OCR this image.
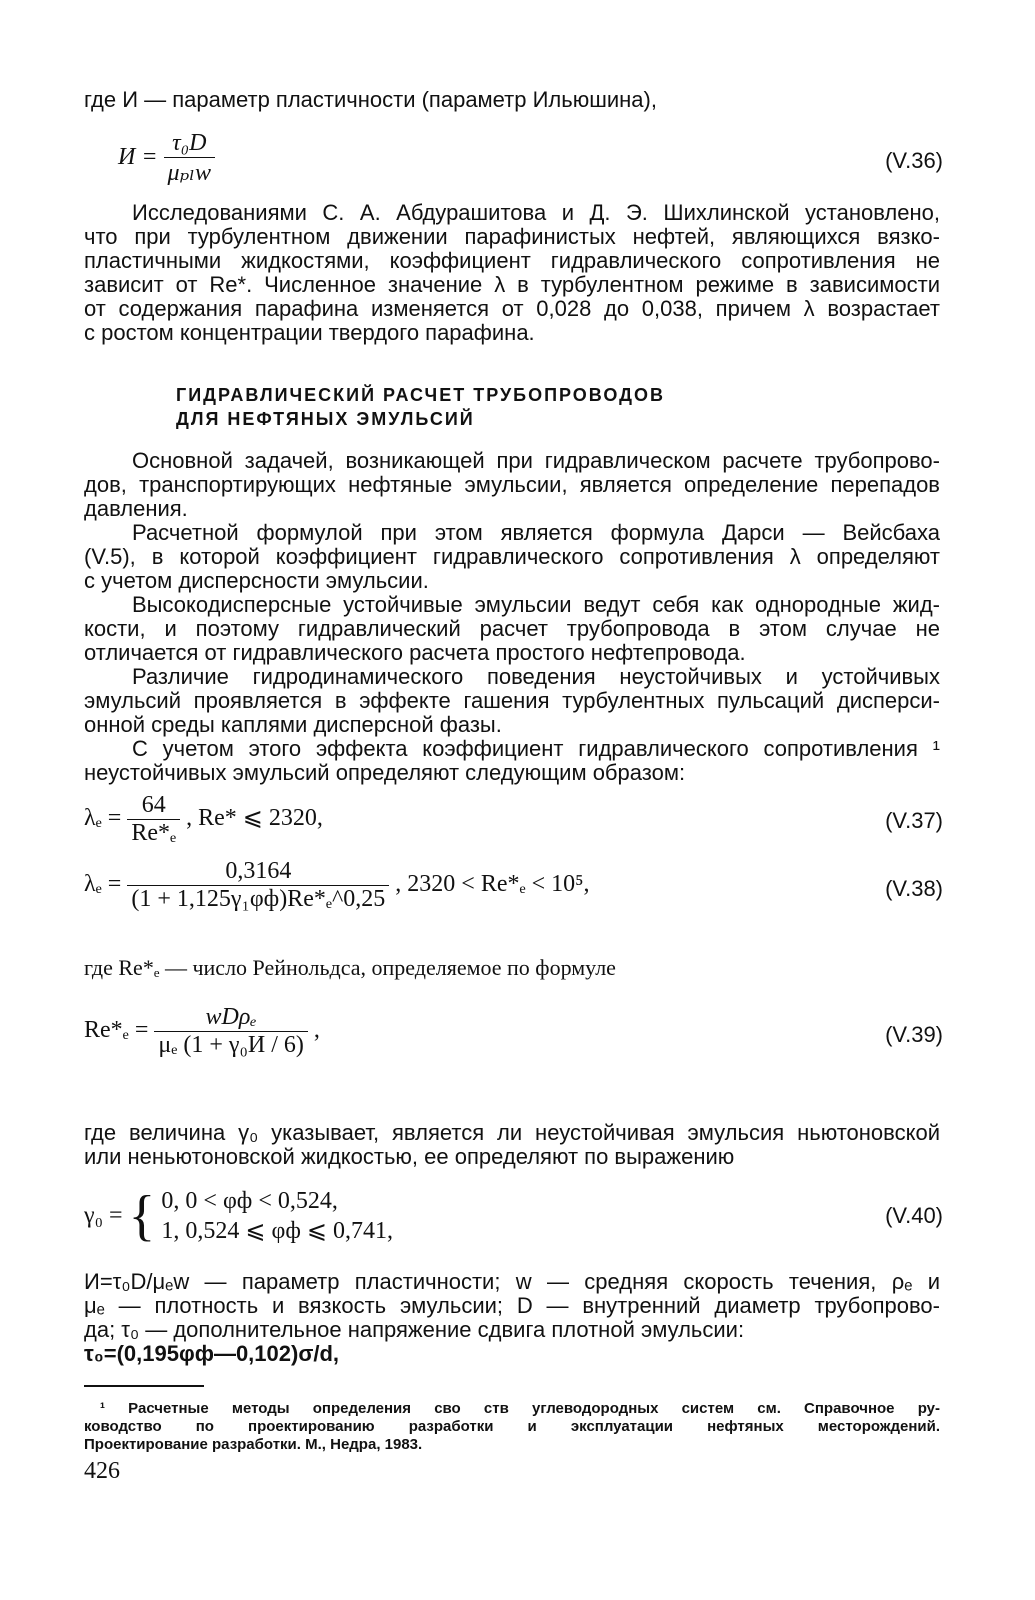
где И — параметр пластичности (параметр Ильюшина),
$И = \frac{\text{τ₀D}}{\text{μₚₗw}}$	(V.36)
Исследованиями С. А. Абдурашитова и Д. Э. Шихлинской установлено,
что при турбулентном движении парафинистых нефтей, являющихся вязко-
пластичными жидкостями, коэффициент гидравлического сопротивления не
зависит от Re*. Численное значение λ в турбулентном режиме в зависимости
от содержания парафина изменяется от 0,028 до 0,038, причем λ возрастает
с ростом концентрации твердого парафина.
ГИДРАВЛИЧЕСКИЙ РАСЧЕТ ТРУБОПРОВОДОВ
ДЛЯ НЕФТЯНЫХ ЭМУЛЬСИЙ
Основной задачей, возникающей при гидравлическом расчете трубопрово-
дов, транспортирующих нефтяные эмульсии, является определение перепадов
давления.
Расчетной формулой при этом является формула Дарси — Вейсбаха
(V.5), в которой коэффициент гидравлического сопротивления λ определяют
с учетом дисперсности эмульсии.
Высокодисперсные устойчивые эмульсии ведут себя как однородные жид-
кости, и поэтому гидравлический расчет трубопровода в этом случае не
отличается от гидравлического расчета простого нефтепровода.
Различие гидродинамического поведения неустойчивых и устойчивых
эмульсий проявляется в эффекте гашения турбулентных пульсаций дисперси-
онной среды каплями дисперсной фазы.
С учетом этого эффекта коэффициент гидравлического сопротивления ¹
неустойчивых эмульсий определяют следующим образом:
$\lambda_e = \frac{64}{\text{Re*ₑ}}$ , Re* ⩽ 2320,	(V.37)
$\lambda_e = \frac{0,3164}{\text{(1 + 1,125γ₁φф)Re*ₑ\textasciicircum{}0,25}}$ , 2320 < Re*ₑ < 10⁵,	(V.38)
где Re*ₑ — число Рейнольдса, определяемое по формуле
$Re*_e = \frac{\text{wDρₑ}}{\text{μₑ (1 + γ₀И / 6)}}$ ,	(V.39)
где величина γ₀ указывает, является ли неустойчивая эмульсия ньютоновской
или неньютоновской жидкостью, ее определяют по выражению
γ₀ = { 0, 0 < φф < 0,524,
1, 0,524 ⩽ φф ⩽ 0,741,
(V.40)
И=τ₀D/μₑw — параметр пластичности; w — средняя скорость течения, ρₑ и
μₑ — плотность и вязкость эмульсии; D — внутренний диаметр трубопрово-
да; τ₀ — дополнительное напряжение сдвига плотной эмульсии:
τ₀=(0,195φф—0,102)σ/d,
¹ Расчетные методы определения сво ств углеводородных систем см. Справочное ру-
ководство по проектированию разработки и эксплуатации нефтяных месторождений.
Проектирование разработки. М., Недра, 1983.
426
